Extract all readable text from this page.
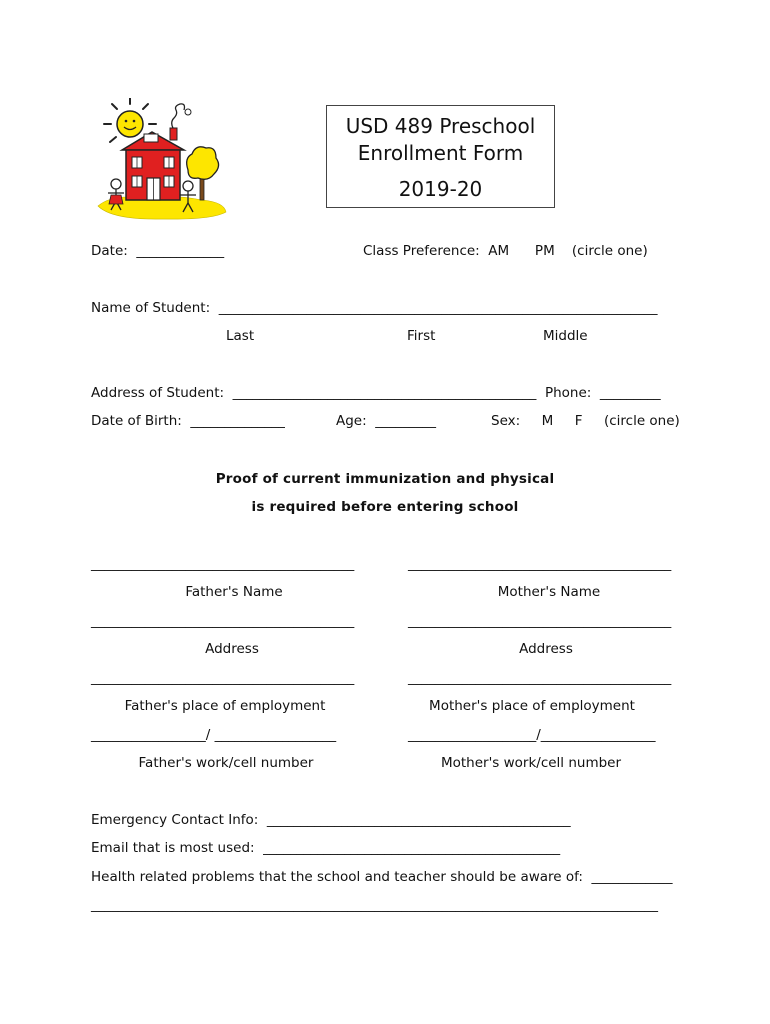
USD 489 Preschool
Enrollment Form
2019-20
Date:  _____________	Class Preference:  AM      PM    (circle one)
Name of Student:  _________________________________________________________________
Last	First	Middle
Address of Student:  _____________________________________________  Phone:  _________
Date of Birth:  ______________	Age:  _________	Sex:     M     F     (circle one)
Proof of current immunization and physical
is required before entering school
_______________________________________
Father's Name
_______________________________________
Address
_______________________________________
Father's place of employment
_________________/ __________________
Father's work/cell number
_______________________________________
Mother's Name
_______________________________________
Address
_______________________________________
Mother's place of employment
___________________/_________________
Mother's work/cell number
Emergency Contact Info:  _____________________________________________
Email that is most used:  ____________________________________________
Health related problems that the school and teacher should be aware of:  ____________
____________________________________________________________________________________
